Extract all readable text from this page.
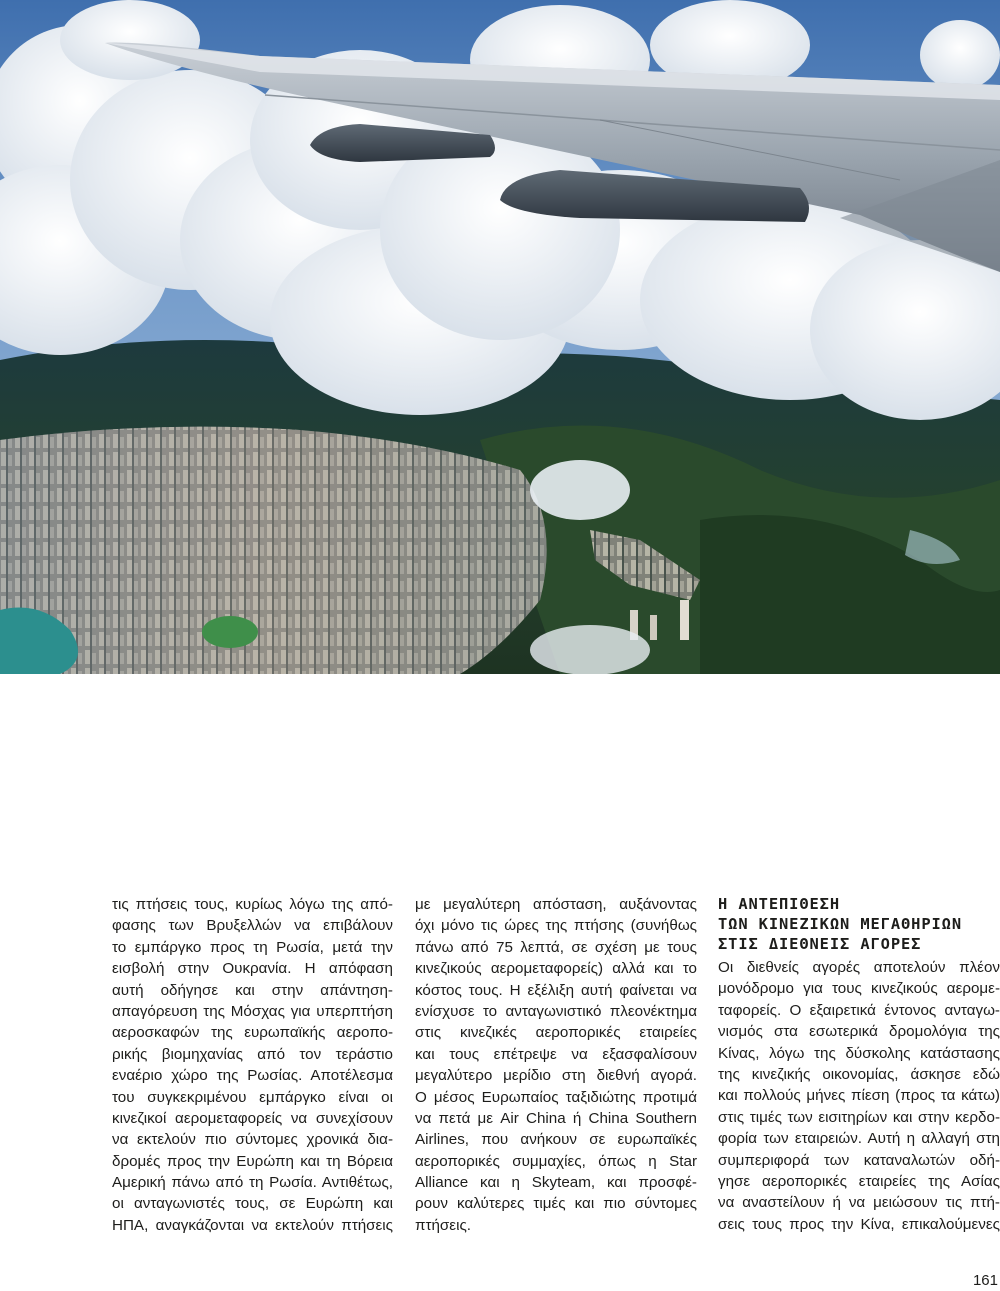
τις πτήσεις τους, κυρίως λόγω της από-
φασης των Βρυξελλών να επιβάλουν
το εμπάργκο προς τη Ρωσία, μετά την
εισβολή στην Ουκρανία. Η απόφαση
αυτή οδήγησε και στην απάντηση-
απαγόρευση της Μόσχας για υπερπτήση
αεροσκαφών της ευρωπαϊκής αεροπο-
ρικής βιομηχανίας από τον τεράστιο
εναέριο χώρο της Ρωσίας. Αποτέλεσμα
του συγκεκριμένου εμπάργκο είναι οι
κινεζικοί αερομεταφορείς να συνεχίσουν
να εκτελούν πιο σύντομες χρονικά δια-
δρομές προς την Ευρώπη και τη Βόρεια
Αμερική πάνω από τη Ρωσία. Αντιθέτως,
οι ανταγωνιστές τους, σε Ευρώπη και
ΗΠΑ, αναγκάζονται να εκτελούν πτήσεις
με μεγαλύτερη απόσταση, αυξάνοντας
όχι μόνο τις ώρες της πτήσης (συνήθως
πάνω από 75 λεπτά, σε σχέση με τους
κινεζικούς αερομεταφορείς) αλλά και το
κόστος τους. Η εξέλιξη αυτή φαίνεται να
ενίσχυσε το ανταγωνιστικό πλεονέκτημα
στις κινεζικές αεροπορικές εταιρείες
και τους επέτρεψε να εξασφαλίσουν
μεγαλύτερο μερίδιο στη διεθνή αγορά.
Ο μέσος Ευρωπαίος ταξιδιώτης προτιμά
να πετά με Air China ή China Southern
Airlines, που ανήκουν σε ευρωπαϊκές
αεροπορικές συμμαχίες, όπως η Star
Alliance και η Skyteam, και προσφέ-
ρουν καλύτερες τιμές και πιο σύντομες
πτήσεις.
Η ΑΝΤΕΠΙΘΕΣΗ
ΤΩΝ ΚΙΝΕΖΙΚΩΝ ΜΕΓΑΘΗΡΙΩΝ
ΣΤΙΣ ΔΙΕΘΝΕΙΣ ΑΓΟΡΕΣ
Οι διεθνείς αγορές αποτελούν πλέον
μονόδρομο για τους κινεζικούς αερομε-
ταφορείς. Ο εξαιρετικά έντονος ανταγω-
νισμός στα εσωτερικά δρομολόγια της
Κίνας, λόγω της δύσκολης κατάστασης
της κινεζικής οικονομίας, άσκησε εδώ
και πολλούς μήνες πίεση (προς τα κάτω)
στις τιμές των εισιτηρίων και στην κερδο-
φορία των εταιρειών. Αυτή η αλλαγή στη
συμπεριφορά των καταναλωτών οδή-
γησε αεροπορικές εταιρείες της Ασίας
να αναστείλουν ή να μειώσουν τις πτή-
σεις τους προς την Κίνα, επικαλούμενες
161
